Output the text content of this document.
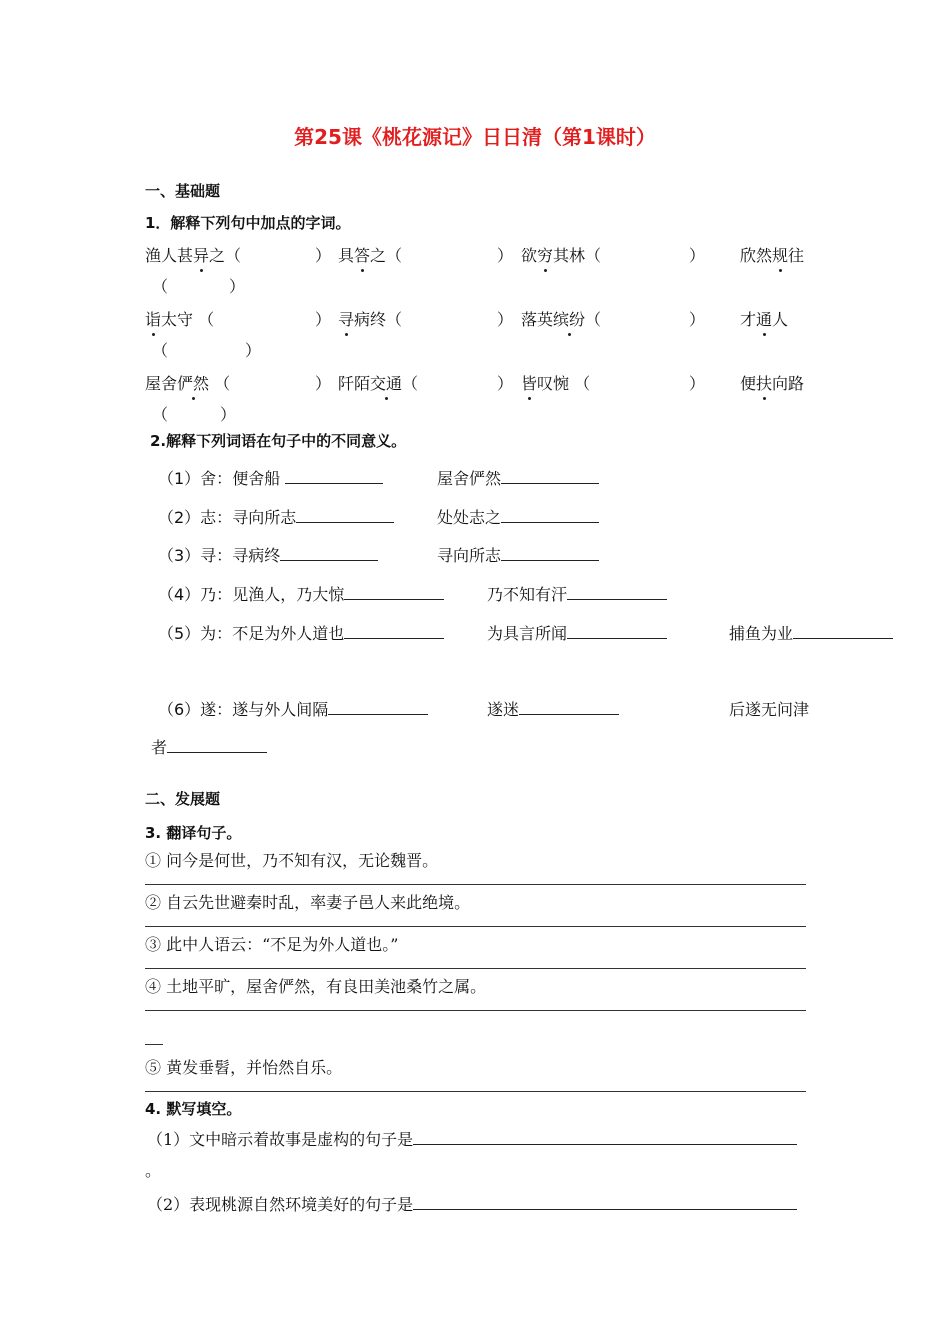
第25课《桃花源记》日日清（第1课时）
一、基础题
1．解释下列句中加点的字词。
渔人甚异之（	） 具答之（	） 欲穷其林（	） 欣然规往
（	）
诣太守 （	） 寻病终（	） 落英缤纷（	） 才通人
（	）
屋舍俨然 （	） 阡陌交通（	） 皆叹惋 （	） 便扶向路
（	）
2.解释下列词语在句子中的不同意义。
（1）舍：便舍船	屋舍俨然
（2）志：寻向所志	处处志之
（3）寻：寻病终	寻向所志
（4）乃：见渔人，乃大惊	乃不知有汗
（5）为：不足为外人道也	为具言所闻	捕鱼为业
（6）遂：遂与外人间隔	遂迷	后遂无问津
者
二、发展题
3. 翻译句子。
① 问今是何世，乃不知有汉，无论魏晋。
② 自云先世避秦时乱，率妻子邑人来此绝境。
③ 此中人语云：“不足为外人道也。”
④ 土地平旷，屋舍俨然，有良田美池桑竹之属。
⑤ 黄发垂髫，并怡然自乐。
4. 默写填空。
（1）文中暗示着故事是虚构的句子是
。
（2）表现桃源自然环境美好的句子是
